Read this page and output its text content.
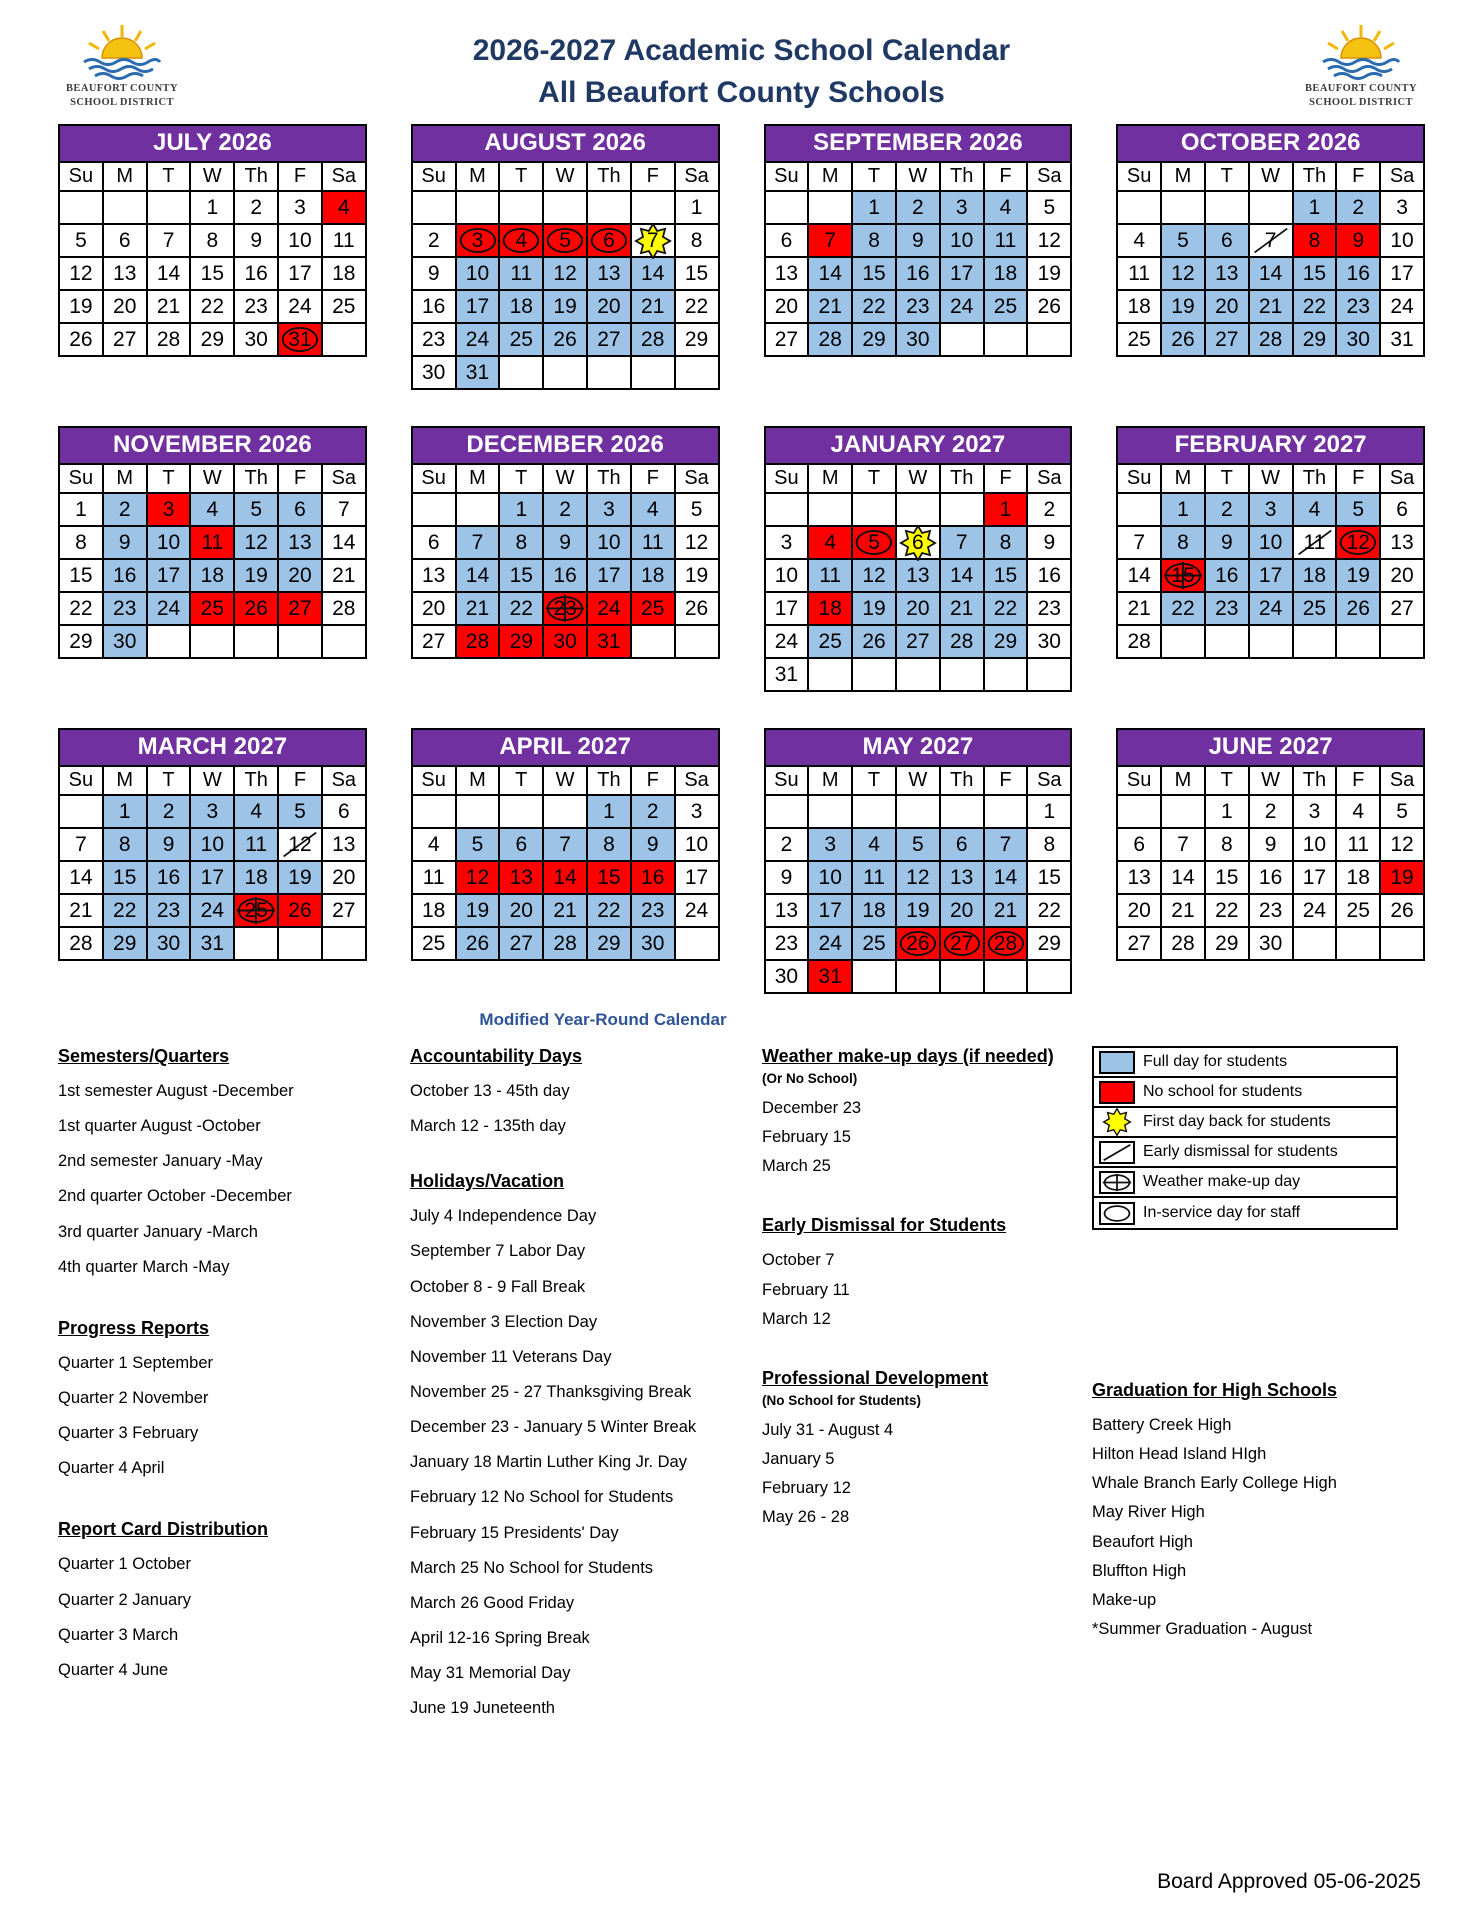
BEAUFORT COUNTY
SCHOOL DISTRICT
2026-2027 Academic School Calendar
All Beaufort County Schools	BEAUFORT COUNTY
SCHOOL DISTRICT
JULY 2026
Su	M	T	W	Th	F	Sa
			1	2	3	4
5	6	7	8	9	10	11
12	13	14	15	16	17	18
19	20	21	22	23	24	25
26	27	28	29	30	31	
AUGUST 2026
Su	M	T	W	Th	F	Sa
						1
2	3	4	5	6	7	8
9	10	11	12	13	14	15
16	17	18	19	20	21	22
23	24	25	26	27	28	29
30	31					
SEPTEMBER 2026
Su	M	T	W	Th	F	Sa
		1	2	3	4	5
6	7	8	9	10	11	12
13	14	15	16	17	18	19
20	21	22	23	24	25	26
27	28	29	30			
OCTOBER 2026
Su	M	T	W	Th	F	Sa
				1	2	3
4	5	6	7	8	9	10
11	12	13	14	15	16	17
18	19	20	21	22	23	24
25	26	27	28	29	30	31
NOVEMBER 2026
Su	M	T	W	Th	F	Sa
1	2	3	4	5	6	7
8	9	10	11	12	13	14
15	16	17	18	19	20	21
22	23	24	25	26	27	28
29	30					
DECEMBER 2026
Su	M	T	W	Th	F	Sa
		1	2	3	4	5
6	7	8	9	10	11	12
13	14	15	16	17	18	19
20	21	22	23	24	25	26
27	28	29	30	31		
JANUARY 2027
Su	M	T	W	Th	F	Sa
					1	2
3	4	5	6	7	8	9
10	11	12	13	14	15	16
17	18	19	20	21	22	23
24	25	26	27	28	29	30
31						
FEBRUARY 2027
Su	M	T	W	Th	F	Sa
	1	2	3	4	5	6
7	8	9	10	11	12	13
14	15	16	17	18	19	20
21	22	23	24	25	26	27
28						
MARCH 2027
Su	M	T	W	Th	F	Sa
	1	2	3	4	5	6
7	8	9	10	11	12	13
14	15	16	17	18	19	20
21	22	23	24	25	26	27
28	29	30	31			
APRIL 2027
Su	M	T	W	Th	F	Sa
				1	2	3
4	5	6	7	8	9	10
11	12	13	14	15	16	17
18	19	20	21	22	23	24
25	26	27	28	29	30	
MAY 2027
Su	M	T	W	Th	F	Sa
						1
2	3	4	5	6	7	8
9	10	11	12	13	14	15
13	17	18	19	20	21	22
23	24	25	26	27	28	29
30	31					
JUNE 2027
Su	M	T	W	Th	F	Sa
		1	2	3	4	5
6	7	8	9	10	11	12
13	14	15	16	17	18	19
20	21	22	23	24	25	26
27	28	29	30			
Modified Year-Round Calendar
Semesters/Quarters
1st semester August -December
1st quarter August -October
2nd semester January -May
2nd quarter October -December
3rd quarter January -March
4th quarter March -May
Progress Reports
Quarter 1 September
Quarter 2 November
Quarter 3 February
Quarter 4 April
Report Card Distribution
Quarter 1 October
Quarter 2 January
Quarter 3 March
Quarter 4 June
Accountability Days
October 13 - 45th day
March 12 - 135th day
Holidays/Vacation
July 4 Independence Day
September 7 Labor Day
October 8 - 9 Fall Break
November 3 Election Day
November 11 Veterans Day
November 25 - 27 Thanksgiving Break
December 23 - January 5 Winter Break
January 18 Martin Luther King Jr. Day
February 12 No School for Students
February 15 Presidents' Day
March 25 No School for Students
March 26 Good Friday
April 12-16 Spring Break
May 31 Memorial Day
June 19 Juneteenth
Weather make-up days (if needed)
(Or No School)
December 23
February 15
March 25
Early Dismissal for Students
October 7
February 11
March 12
Professional Development
(No School for Students)
July 31 - August 4
January 5
February 12
May 26 - 28
Full day for students
No school for students
First day back for students
Early dismissal for students
Weather make-up day
In-service day for staff
Graduation for High Schools
Battery Creek High
Hilton Head Island HIgh
Whale Branch Early College High
May River High
Beaufort High
Bluffton High
Make-up
*Summer Graduation - August
Board Approved 05-06-2025
